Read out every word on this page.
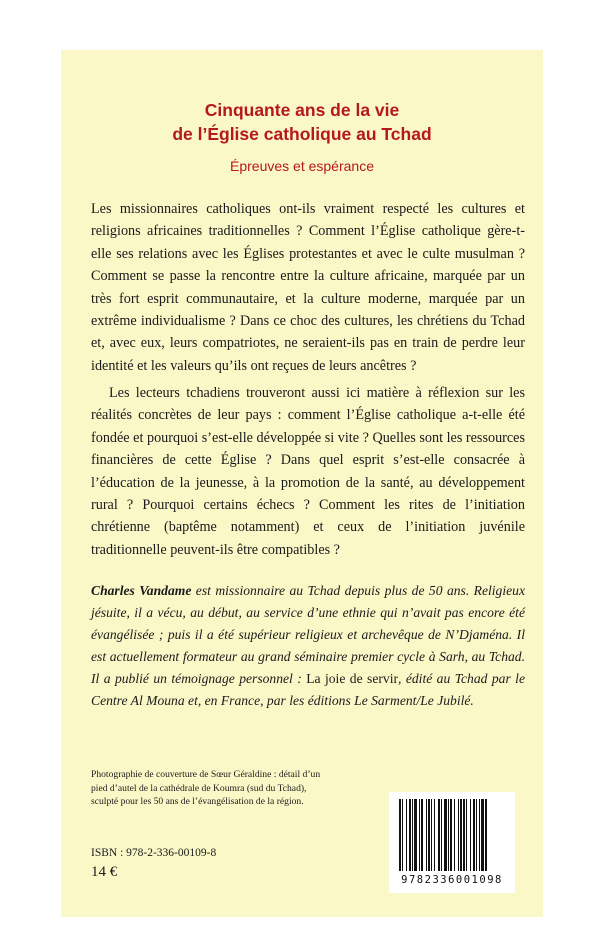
Cinquante ans de la vie
de l’Église catholique au Tchad
Épreuves et espérance

Les missionnaires catholiques ont-ils vraiment respecté les cultures et religions africaines traditionnelles ? Comment l’Église catholique gère-t-elle ses relations avec les Églises protestantes et avec le culte musulman ? Comment se passe la rencontre entre la culture africaine, marquée par un très fort esprit communautaire, et la culture moderne, marquée par un extrême individualisme ? Dans ce choc des cultures, les chrétiens du Tchad et, avec eux, leurs compatriotes, ne seraient-ils pas en train de perdre leur identité et les valeurs qu’ils ont reçues de leurs ancêtres ?

Les lecteurs tchadiens trouveront aussi ici matière à réflexion sur les réalités concrètes de leur pays : comment l’Église catholique a-t-elle été fondée et pourquoi s’est-elle développée si vite ? Quelles sont les ressources financières de cette Église ? Dans quel esprit s’est-elle consacrée à l’éducation de la jeunesse, à la promotion de la santé, au développement rural ? Pourquoi certains échecs ? Comment les rites de l’initiation chrétienne (baptême notamment) et ceux de l’initiation juvénile traditionnelle peuvent-ils être compatibles ?

Charles Vandame est missionnaire au Tchad depuis plus de 50 ans. Religieux jésuite, il a vécu, au début, au service d’une ethnie qui n’avait pas encore été évangélisée ; puis il a été supérieur religieux et archevêque de N’Djaména. Il est actuellement formateur au grand séminaire premier cycle à Sarh, au Tchad. Il a publié un témoignage personnel : La joie de servir, édité au Tchad par le Centre Al Mouna et, en France, par les éditions Le Sarment/Le Jubilé.

Photographie de couverture de Sœur Géraldine : détail d’un pied d’autel de la cathédrale de Koumra (sud du Tchad), sculpté pour les 50 ans de l’évangélisation de la région.

ISBN : 978-2-336-00109-8
14 €	9782336001098
